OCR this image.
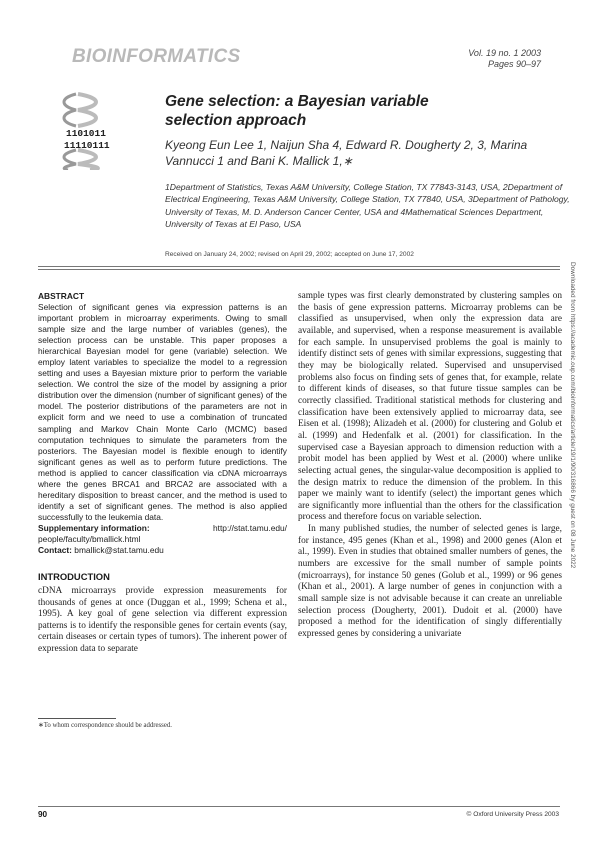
BIOINFORMATICS	Vol. 19 no. 1 2003
Pages 90–97
1101011
11110111
Gene selection: a Bayesian variable selection approach
Kyeong Eun Lee 1, Naijun Sha 4, Edward R. Dougherty 2, 3, Marina Vannucci 1 and Bani K. Mallick 1,∗
1Department of Statistics, Texas A&M University, College Station, TX 77843-3143, USA, 2Department of Electrical Engineering, Texas A&M University, College Station, TX 77840, USA, 3Department of Pathology, University of Texas, M. D. Anderson Cancer Center, USA and 4Mathematical Sciences Department, University of Texas at El Paso, USA
Received on January 24, 2002; revised on April 29, 2002; accepted on June 17, 2002
ABSTRACT
Selection of significant genes via expression patterns is an important problem in microarray experiments. Owing to small sample size and the large number of variables (genes), the selection process can be unstable. This paper proposes a hierarchical Bayesian model for gene (variable) selection. We employ latent variables to specialize the model to a regression setting and uses a Bayesian mixture prior to perform the variable selection. We control the size of the model by assigning a prior distribution over the dimension (number of significant genes) of the model. The posterior distributions of the parameters are not in explicit form and we need to use a combination of truncated sampling and Markov Chain Monte Carlo (MCMC) based computation techniques to simulate the parameters from the posteriors. The Bayesian model is flexible enough to identify significant genes as well as to perform future predictions. The method is applied to cancer classification via cDNA microarrays where the genes BRCA1 and BRCA2 are associated with a hereditary disposition to breast cancer, and the method is used to identify a set of significant genes. The method is also applied successfully to the leukemia data.
Supplementary information:	http://stat.tamu.edu/
people/faculty/bmallick.html
Contact: bmallick@stat.tamu.edu
INTRODUCTION
cDNA microarrays provide expression measurements for thousands of genes at once (Duggan et al., 1999; Schena et al., 1995). A key goal of gene selection via different expression patterns is to identify the responsible genes for certain events (say, certain diseases or certain types of tumors). The inherent power of expression data to separate
∗To whom correspondence should be addressed.

sample types was first clearly demonstrated by clustering samples on the basis of gene expression patterns. Microarray problems can be classified as unsupervised, when only the expression data are available, and supervised, when a response measurement is available for each sample. In unsupervised problems the goal is mainly to identify distinct sets of genes with similar expressions, suggesting that they may be biologically related. Supervised and unsupervised problems also focus on finding sets of genes that, for example, relate to different kinds of diseases, so that future tissue samples can be correctly classified. Traditional statistical methods for clustering and classification have been extensively applied to microarray data, see Eisen et al. (1998); Alizadeh et al. (2000) for clustering and Golub et al. (1999) and Hedenfalk et al. (2001) for classification. In the supervised case a Bayesian approach to dimension reduction with a probit model has been applied by West et al. (2000) where unlike selecting actual genes, the singular-value decomposition is applied to the design matrix to reduce the dimension of the problem. In this paper we mainly want to identify (select) the important genes which are significantly more influential than the others for the classification process and therefore focus on variable selection.

In many published studies, the number of selected genes is large, for instance, 495 genes (Khan et al., 1998) and 2000 genes (Alon et al., 1999). Even in studies that obtained smaller numbers of genes, the numbers are excessive for the small number of sample points (microarrays), for instance 50 genes (Golub et al., 1999) or 96 genes (Khan et al., 2001). A large number of genes in conjunction with a small sample size is not advisable because it can create an unreliable selection process (Dougherty, 2001). Dudoit et al. (2000) have proposed a method for the identification of singly differentially expressed genes by considering a univariate

Downloaded from https://academic.oup.com/bioinformatics/article/19/1/90/316866 by guest on 08 June 2022
90	© Oxford University Press 2003
